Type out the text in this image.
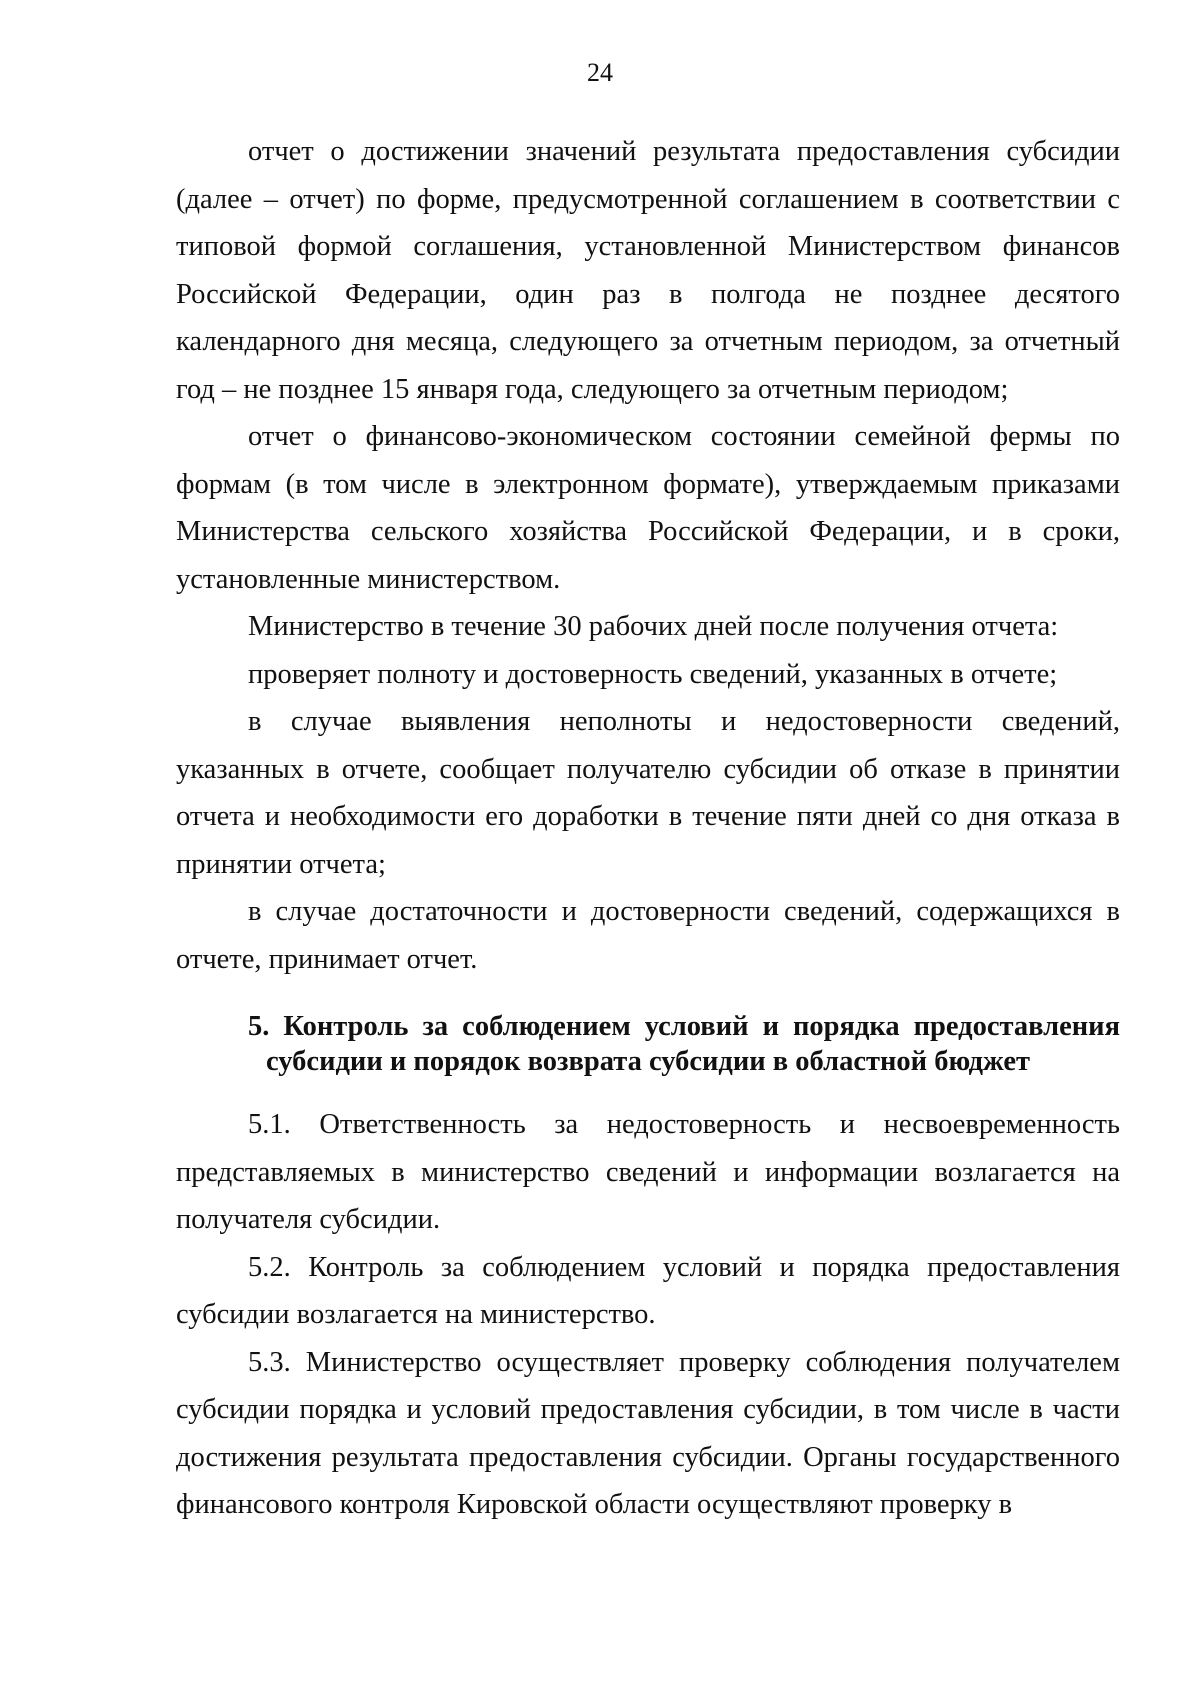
24

отчет о достижении значений результата предоставления субсидии (далее – отчет) по форме, предусмотренной соглашением в соответствии с типовой формой соглашения, установленной Министерством финансов Российской Федерации, один раз в полгода не позднее десятого календарного дня месяца, следующего за отчетным периодом, за отчетный год – не позднее 15 января года, следующего за отчетным периодом;

отчет о финансово-экономическом состоянии семейной фермы по формам (в том числе в электронном формате), утверждаемым приказами Министерства сельского хозяйства Российской Федерации, и в сроки, установленные министерством.

Министерство в течение 30 рабочих дней после получения отчета:

проверяет полноту и достоверность сведений, указанных в отчете;

в случае выявления неполноты и недостоверности сведений, указанных в отчете, сообщает получателю субсидии об отказе в принятии отчета и необходимости его доработки в течение пяти дней со дня отказа в принятии отчета;

в случае достаточности и достоверности сведений, содержащихся в отчете, принимает отчет.

5. Контроль за соблюдением условий и порядка предоставления
субсидии и порядок возврата субсидии в областной бюджет

5.1. Ответственность за недостоверность и несвоевременность представляемых в министерство сведений и информации возлагается на получателя субсидии.

5.2. Контроль за соблюдением условий и порядка предоставления субсидии возлагается на министерство.

5.3. Министерство осуществляет проверку соблюдения получателем субсидии порядка и условий предоставления субсидии, в том числе в части достижения результата предоставления субсидии. Органы государственного финансового контроля Кировской области осуществляют проверку в
